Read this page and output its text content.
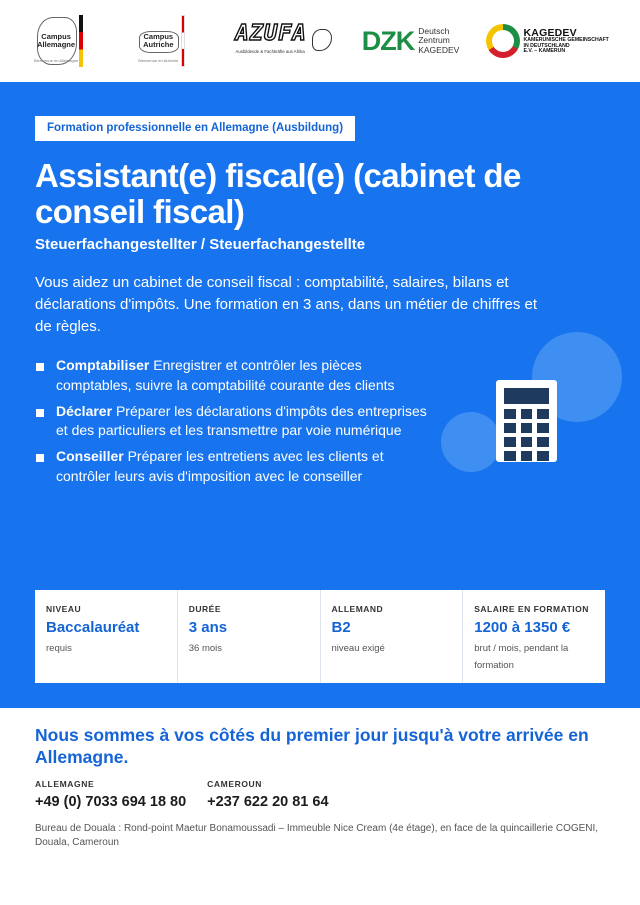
Campus Allemagne
Bienvenue en Allemagne
Campus Autriche
Bienvenue en Autriche
AZUFA
Ausbildende & Fachkräfte aus Afrika DZK Deutsch
Zentrum
KAGEDEV
KAGEDEV
KAMERUNISCHE GEMEINSCHAFT
IN DEUTSCHLAND
E.V. – KAMERUN
Formation professionnelle en Allemagne (Ausbildung)
Assistant(e) fiscal(e) (cabinet de conseil fiscal)
Steuerfachangestellter / Steuerfachangestellte

Vous aidez un cabinet de conseil fiscal : comptabilité, salaires, bilans et déclarations d'impôts. Une formation en 3 ans, dans un métier de chiffres et de règles.

Comptabiliser Enregistrer et contrôler les pièces comptables, suivre la comptabilité courante des clients
Déclarer Préparer les déclarations d'impôts des entreprises et des particuliers et les transmettre par voie numérique
Conseiller Préparer les entretiens avec les clients et contrôler leurs avis d'imposition avec le conseiller
NIVEAU
Baccalauréat
requis
DURÉE
3 ans
36 mois
ALLEMAND
B2
niveau exigé
SALAIRE EN FORMATION
1200 à 1350 €
brut / mois, pendant la formation
Nous sommes à vos côtés du premier jour jusqu'à votre arrivée en Allemagne.
ALLEMAGNE
+49 (0) 7033 694 18 80
CAMEROUN
+237 622 20 81 64

Bureau de Douala : Rond-point Maetur Bonamoussadi – Immeuble Nice Cream (4e étage), en face de la quincaillerie COGENI, Douala, Cameroun
